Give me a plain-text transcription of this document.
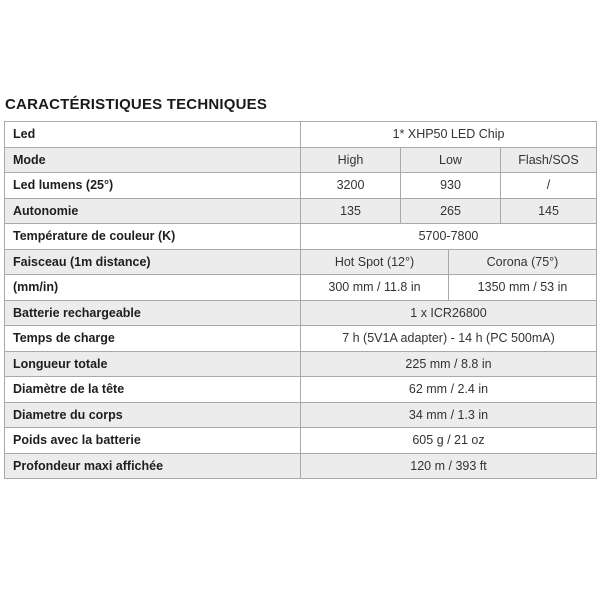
CARACTÉRISTIQUES TECHNIQUES
Led	1* XHP50 LED Chip			
Mode	High	Low		Flash/SOS
Led lumens (25°)	3200	930		/
Autonomie	135	265		145
Température de couleur (K)	5700-7800			
Faisceau (1m distance)	Hot Spot (12°)		Corona (75°)	
(mm/in)	300 mm / 11.8 in		1350 mm / 53 in	
Batterie rechargeable	1 x ICR26800			
Temps de charge	7 h (5V1A adapter) - 14 h (PC 500mA)			
Longueur totale	225 mm / 8.8 in			
Diamètre de la tête	62 mm / 2.4 in			
Diametre du corps	34 mm / 1.3 in			
Poids avec la batterie	605 g / 21 oz			
Profondeur maxi affichée	120 m / 393 ft			
